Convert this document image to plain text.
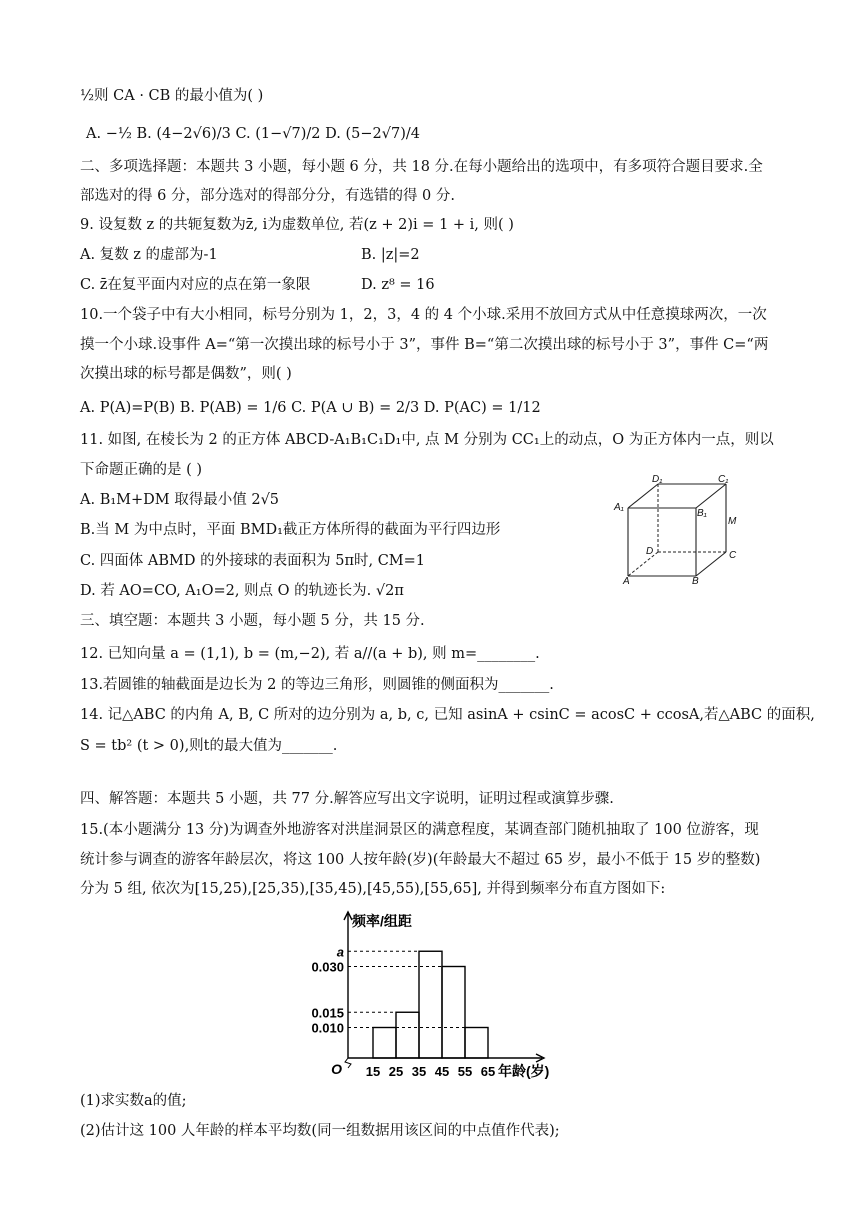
½则 CA · CB 的最小值为( )
A. −½ B. (4−2√6)/3 C. (1−√7)/2 D. (5−2√7)/4
二、多项选择题：本题共 3 小题，每小题 6 分，共 18 分.在每小题给出的选项中，有多项符合题目要求.全
部选对的得 6 分，部分选对的得部分分，有选错的得 0 分.
9. 设复数 z 的共轭复数为z̄, i为虚数单位, 若(z + 2)i = 1 + i, 则( )
A. 复数 z 的虚部为-1	B. |z|=2
C. z̄在复平面内对应的点在第一象限	D. z⁸ = 16
10.一个袋子中有大小相同，标号分别为 1，2，3，4 的 4 个小球.采用不放回方式从中任意摸球两次，一次
摸一个小球.设事件 A=“第一次摸出球的标号小于 3”，事件 B=“第二次摸出球的标号小于 3”，事件 C=“两
次摸出球的标号都是偶数”，则( )
A. P(A)=P(B) B. P(AB) = 1/6 C. P(A ∪ B) = 2/3 D. P(AC) = 1/12
11. 如图, 在棱长为 2 的正方体 ABCD-A₁B₁C₁D₁中, 点 M 分别为 CC₁上的动点，O 为正方体内一点，则以
下命题正确的是 ( )
A. B₁M+DM 取得最小值 2√5
B.当 M 为中点时，平面 BMD₁截正方体所得的截面为平行四边形
C. 四面体 ABMD 的外接球的表面积为 5π时, CM=1
D. 若 AO=CO, A₁O=2, 则点 O 的轨迹长为. √2π
三、填空题：本题共 3 小题，每小题 5 分，共 15 分.
12. 已知向量 a = (1,1), b = (m,−2), 若 a//(a + b), 则 m=________.
13.若圆锥的轴截面是边长为 2 的等边三角形，则圆锥的侧面积为_______.
14. 记△ABC 的内角 A, B, C 所对的边分别为 a, b, c, 已知 asinA + csinC = acosC + ccosA,若△ABC 的面积,
S = tb² (t > 0),则t的最大值为_______.
四、解答题：本题共 5 小题，共 77 分.解答应写出文字说明，证明过程或演算步骤.
15.(本小题满分 13 分)为调查外地游客对洪崖洞景区的满意程度，某调查部门随机抽取了 100 位游客，现
统计参与调查的游客年龄层次，将这 100 人按年龄(岁)(年龄最大不超过 65 岁，最小不低于 15 岁的整数)
分为 5 组, 依次为[15,25),[25,35),[35,45),[45,55),[55,65], 并得到频率分布直方图如下:
(1)求实数a的值;
(2)估计这 100 人年龄的样本平均数(同一组数据用该区间的中点值作代表);
D₁	C₁
A₁
B₁
M
D	C
A	B
频率/组距
年龄(岁)
O
a
0.030
0.015
0.010
15 25 35 45 55 65
